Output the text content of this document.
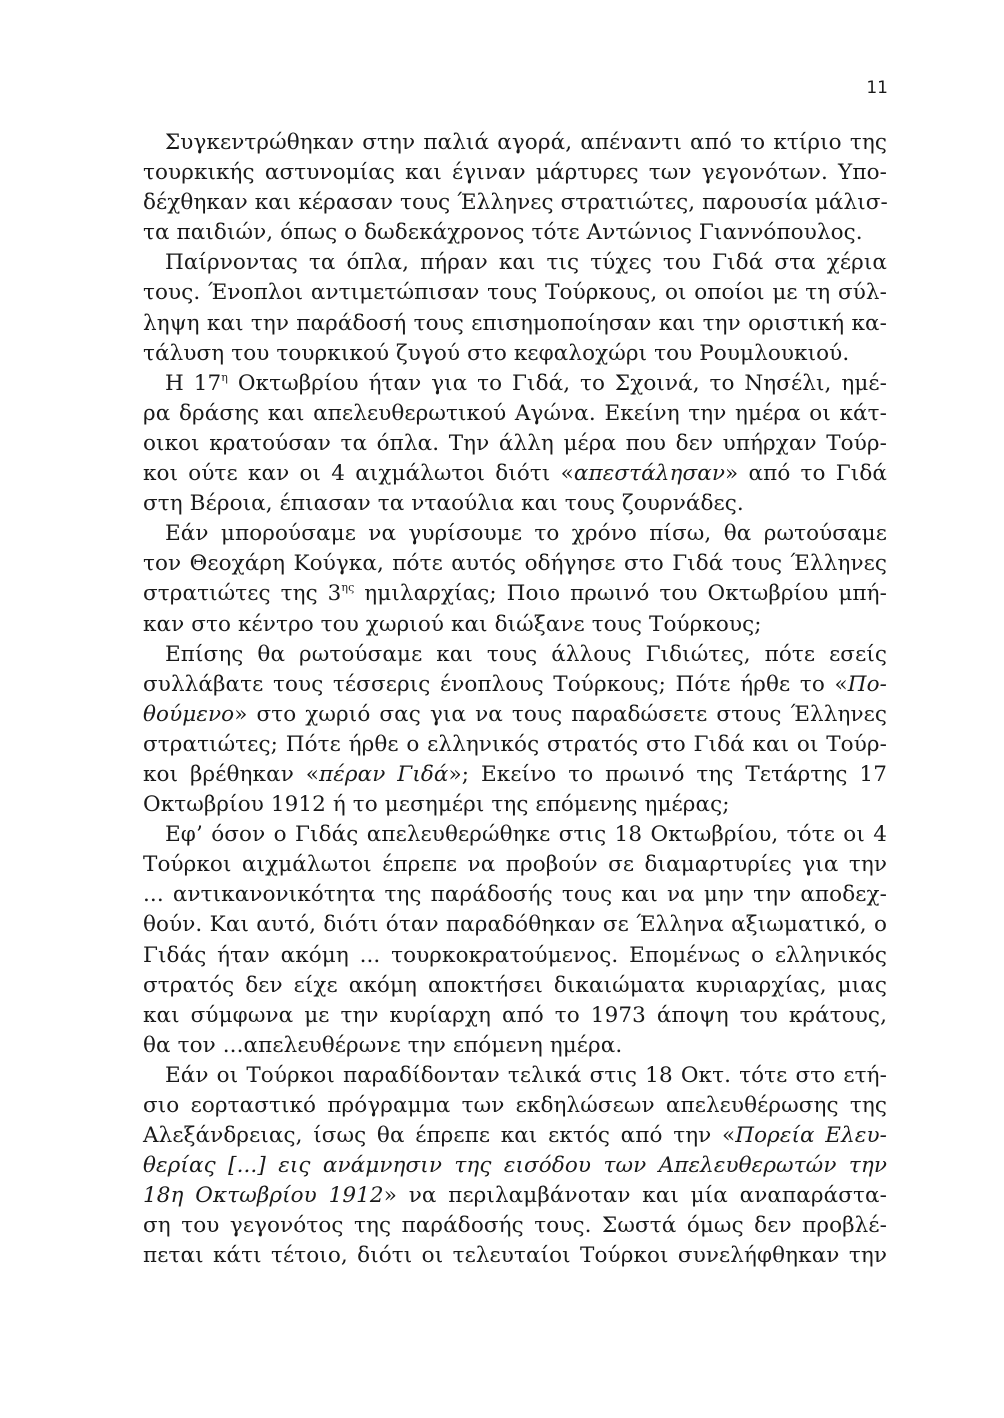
11
Συγκεντρώθηκαν στην παλιά αγορά, απέναντι από το κτίριο της
τουρκικής αστυνομίας και έγιναν μάρτυρες των γεγονότων. Υπο-
δέχθηκαν και κέρασαν τους Έλληνες στρατιώτες, παρουσία μάλισ-
τα παιδιών, όπως ο δωδεκάχρονος τότε Αντώνιος Γιαννόπουλος.
Παίρνοντας τα όπλα, πήραν και τις τύχες του Γιδά στα χέρια
τους. Ένοπλοι αντιμετώπισαν τους Τούρκους, οι οποίοι με τη σύλ-
ληψη και την παράδοσή τους επισημοποίησαν και την οριστική κα-
τάλυση του τουρκικού ζυγού στο κεφαλοχώρι του Ρουμλουκιού.
Η $17^\eta$ Οκτωβρίου ήταν για το Γιδά, το Σχοινά, το Νησέλι, ημέ-
ρα δράσης και απελευθερωτικού Αγώνα. Εκείνη την ημέρα οι κάτ-
οικοι κρατούσαν τα όπλα. Την άλλη μέρα που δεν υπήρχαν Τούρ-
κοι ούτε καν οι 4 αιχμάλωτοι διότι «απεστάλησαν» από το Γιδά
στη Βέροια, έπιασαν τα νταούλια και τους ζουρνάδες.
Εάν μπορούσαμε να γυρίσουμε το χρόνο πίσω, θα ρωτούσαμε
τον Θεοχάρη Κούγκα, πότε αυτός οδήγησε στο Γιδά τους Έλληνες
στρατιώτες της $3^{\eta\varsigma}$ ημιλαρχίας; Ποιο πρωινό του Οκτωβρίου μπή-
καν στο κέντρο του χωριού και διώξανε τους Τούρκους;
Επίσης θα ρωτούσαμε και τους άλλους Γιδιώτες, πότε εσείς
συλλάβατε τους τέσσερις ένοπλους Τούρκους; Πότε ήρθε το «Πο-
θούμενο» στο χωριό σας για να τους παραδώσετε στους Έλληνες
στρατιώτες; Πότε ήρθε ο ελληνικός στρατός στο Γιδά και οι Τούρ-
κοι βρέθηκαν «πέραν Γιδά»; Εκείνο το πρωινό της Τετάρτης 17
Οκτωβρίου 1912 ή το μεσημέρι της επόμενης ημέρας;
Εφ’ όσον ο Γιδάς απελευθερώθηκε στις 18 Οκτωβρίου, τότε οι 4
Τούρκοι αιχμάλωτοι έπρεπε να προβούν σε διαμαρτυρίες για την
... αντικανονικότητα της παράδοσής τους και να μην την αποδεχ-
θούν. Και αυτό, διότι όταν παραδόθηκαν σε Έλληνα αξιωματικό, ο
Γιδάς ήταν ακόμη ... τουρκοκρατούμενος. Επομένως ο ελληνικός
στρατός δεν είχε ακόμη αποκτήσει δικαιώματα κυριαρχίας, μιας
και σύμφωνα με την κυρίαρχη από το 1973 άποψη του κράτους,
θα τον ...απελευθέρωνε την επόμενη ημέρα.
Εάν οι Τούρκοι παραδίδονταν τελικά στις 18 Οκτ. τότε στο ετή-
σιο εορταστικό πρόγραμμα των εκδηλώσεων απελευθέρωσης της
Αλεξάνδρειας, ίσως θα έπρεπε και εκτός από την «Πορεία Ελευ-
θερίας [...] εις ανάμνησιν της εισόδου των Απελευθερωτών την
18η Οκτωβρίου 1912» να περιλαμβάνοταν και μία αναπαράστα-
ση του γεγονότος της παράδοσής τους. Σωστά όμως δεν προβλέ-
πεται κάτι τέτοιο, διότι οι τελευταίοι Τούρκοι συνελήφθηκαν την
